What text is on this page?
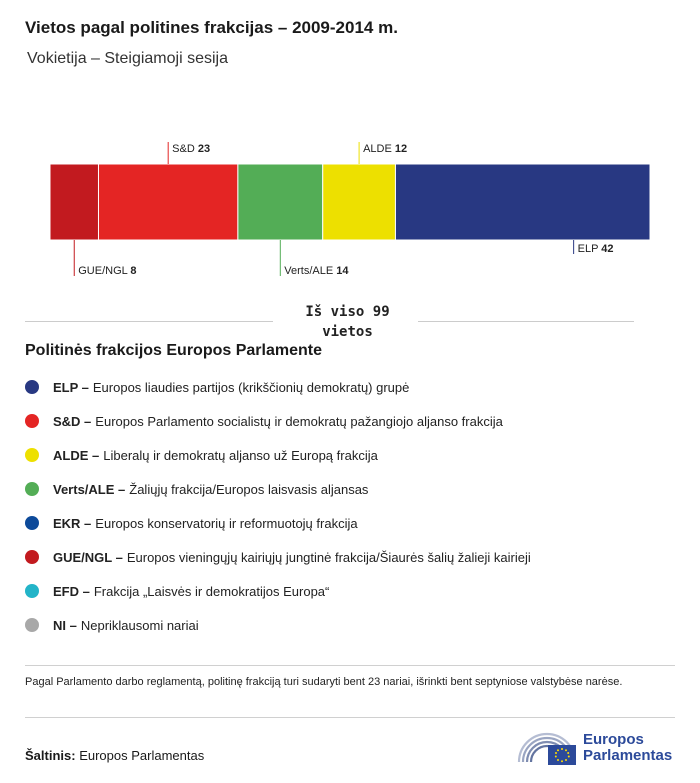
Vietos pagal politines frakcijas – 2009-2014 m.

Vokietija – Steigiamoji sesija

GUE/NGL 8
S&D 23
Verts/ALE 14
ALDE 12
ELP 42
Iš viso 99
vietos
Politinės frakcijos Europos Parlamente
ELP – Europos liaudies partijos (krikščionių demokratų) grupė
S&D – Europos Parlamento socialistų ir demokratų pažangiojo aljanso frakcija
ALDE – Liberalų ir demokratų aljanso už Europą frakcija
Verts/ALE – Žaliųjų frakcija/Europos laisvasis aljansas
EKR – Europos konservatorių ir reformuotojų frakcija
GUE/NGL – Europos vieningųjų kairiųjų jungtinė frakcija/Šiaurės šalių žalieji kairieji
EFD – Frakcija „Laisvės ir demokratijos Europa“
NI – Nepriklausomi nariai

Pagal Parlamento darbo reglamentą, politinę frakciją turi sudaryti bent 23 nariai, išrinkti bent septyniose valstybėse narėse.

Šaltinis: Europos Parlamentas

Europos
Parlamentas
